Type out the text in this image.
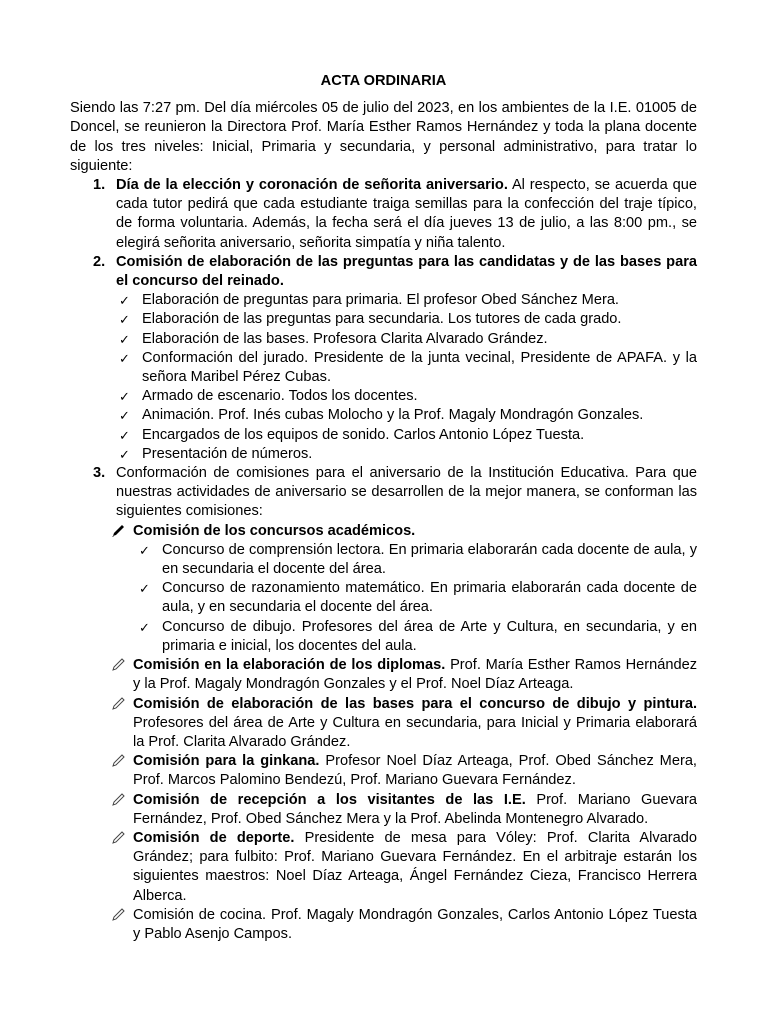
ACTA ORDINARIA

Siendo las 7:27 pm. Del día miércoles 05 de julio del 2023, en los ambientes de la I.E. 01005 de Doncel, se reunieron la Directora Prof. María Esther Ramos Hernández y toda la plana docente de los tres niveles: Inicial, Primaria y secundaria, y personal administrativo, para tratar lo siguiente:

1. Día de la elección y coronación de señorita aniversario. Al respecto, se acuerda que cada tutor pedirá que cada estudiante traiga semillas para la confección del traje típico, de forma voluntaria. Además, la fecha será el día jueves 13 de julio, a las 8:00 pm., se elegirá señorita aniversario, señorita simpatía y niña talento.
2. Comisión de elaboración de las preguntas para las candidatas y de las bases para el concurso del reinado.
✓ Elaboración de preguntas para primaria. El profesor Obed Sánchez Mera.
✓ Elaboración de las preguntas para secundaria. Los tutores de cada grado.
✓ Elaboración de las bases. Profesora Clarita Alvarado Grández.
✓ Conformación del jurado. Presidente de la junta vecinal, Presidente de APAFA. y la señora Maribel Pérez Cubas.
✓ Armado de escenario. Todos los docentes.
✓ Animación. Prof. Inés cubas Molocho y la Prof. Magaly Mondragón Gonzales.
✓ Encargados de los equipos de sonido. Carlos Antonio López Tuesta.
✓ Presentación de números.
3. Conformación de comisiones para el aniversario de la Institución Educativa. Para que nuestras actividades de aniversario se desarrollen de la mejor manera, se conforman las siguientes comisiones:
Comisión de los concursos académicos.
✓ Concurso de comprensión lectora. En primaria elaborarán cada docente de aula, y en secundaria el docente del área.
✓ Concurso de razonamiento matemático. En primaria elaborarán cada docente de aula, y en secundaria el docente del área.
✓ Concurso de dibujo. Profesores del área de Arte y Cultura, en secundaria, y en primaria e inicial, los docentes del aula.
Comisión en la elaboración de los diplomas. Prof. María Esther Ramos Hernández y la Prof. Magaly Mondragón Gonzales y el Prof. Noel Díaz Arteaga.
Comisión de elaboración de las bases para el concurso de dibujo y pintura. Profesores del área de Arte y Cultura en secundaria, para Inicial y Primaria elaborará la Prof. Clarita Alvarado Grández.
Comisión para la ginkana. Profesor Noel Díaz Arteaga, Prof. Obed Sánchez Mera, Prof. Marcos Palomino Bendezú, Prof. Mariano Guevara Fernández.
Comisión de recepción a los visitantes de las I.E. Prof. Mariano Guevara Fernández, Prof. Obed Sánchez Mera y la Prof. Abelinda Montenegro Alvarado.
Comisión de deporte. Presidente de mesa para Vóley: Prof. Clarita Alvarado Grández; para fulbito: Prof. Mariano Guevara Fernández. En el arbitraje estarán los siguientes maestros: Noel Díaz Arteaga, Ángel Fernández Cieza, Francisco Herrera Alberca.
Comisión de cocina. Prof. Magaly Mondragón Gonzales, Carlos Antonio López Tuesta y Pablo Asenjo Campos.
